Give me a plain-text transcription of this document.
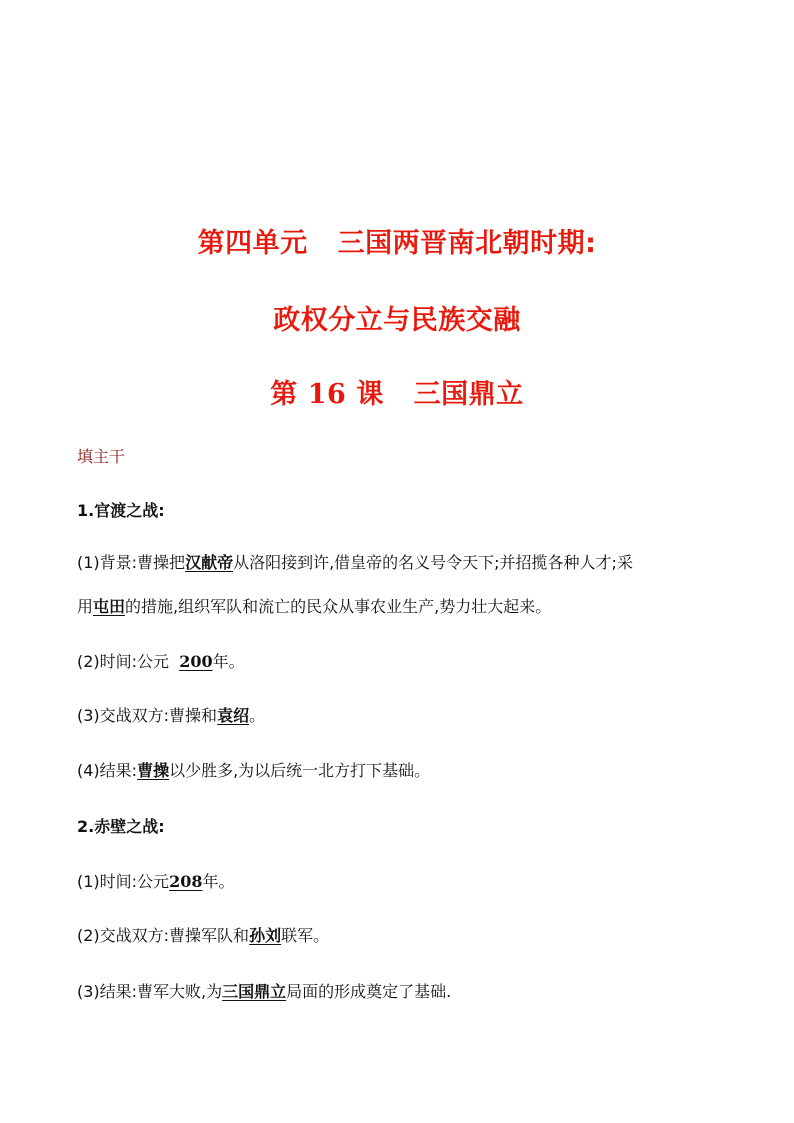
第四单元 三国两晋南北朝时期:
政权分立与民族交融
第 16 课 三国鼎立
填主干
1.官渡之战:
(1)背景:曹操把汉献帝从洛阳接到许,借皇帝的名义号令天下;并招揽各种人才;采
用屯田的措施,组织军队和流亡的民众从事农业生产,势力壮大起来。
(2)时间:公元 200年。
(3)交战双方:曹操和袁绍。
(4)结果:曹操以少胜多,为以后统一北方打下基础。
2.赤壁之战:
(1)时间:公元208年。
(2)交战双方:曹操军队和孙刘联军。
(3)结果:曹军大败,为三国鼎立局面的形成奠定了基础.
